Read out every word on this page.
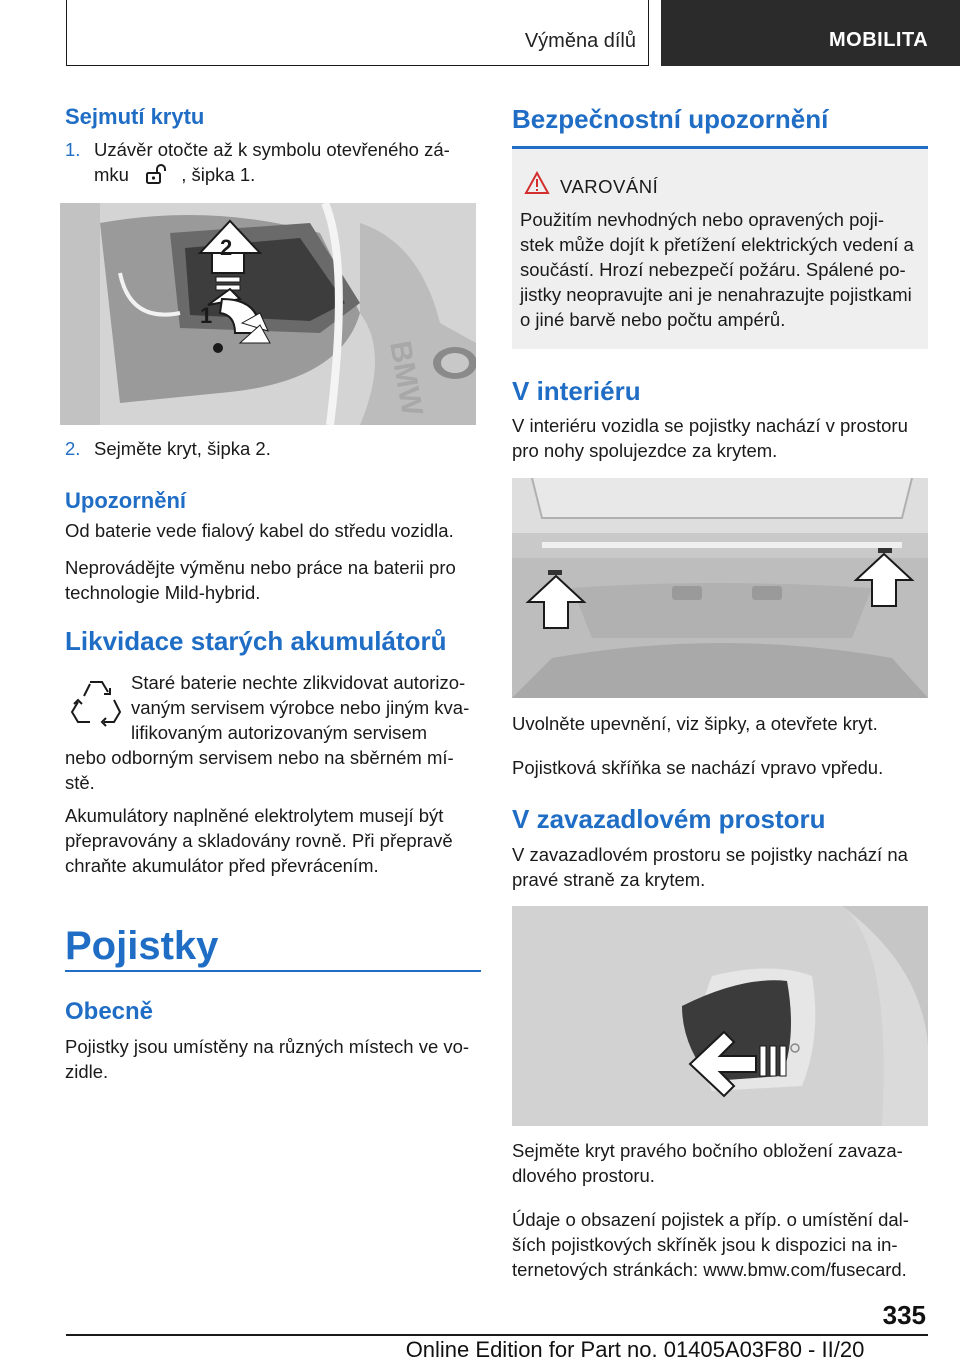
Výměna dílů	MOBILITA
Sejmutí krytu
1. Uzávěr otočte až k symbolu otevřeného zá-
mku	, šipka 1.
2
1
BMW
2. Sejměte kryt, šipka 2.
Upozornění
Od baterie vede fialový kabel do středu vozidla.
Neprovádějte výměnu nebo práce na baterii pro
technologie Mild-hybrid.
Likvidace starých akumulátorů
Staré baterie nechte zlikvidovat autorizo-
vaným servisem výrobce nebo jiným kva-
lifikovaným autorizovaným servisem
nebo odborným servisem nebo na sběrném mí-
stě.
Akumulátory naplněné elektrolytem musejí být
přepravovány a skladovány rovně. Při přepravě
chraňte akumulátor před převrácením.
Pojistky
Obecně
Pojistky jsou umístěny na různých místech ve vo-
zidle.
Bezpečnostní upozornění
VAROVÁNÍ
Použitím nevhodných nebo opravených poji-
stek může dojít k přetížení elektrických vedení a
součástí. Hrozí nebezpečí požáru. Spálené po-
jistky neopravujte ani je nenahrazujte pojistkami
o jiné barvě nebo počtu ampérů.
V interiéru
V interiéru vozidla se pojistky nachází v prostoru
pro nohy spolujezdce za krytem.
Uvolněte upevnění, viz šipky, a otevřete kryt.
Pojistková skříňka se nachází vpravo vpředu.
V zavazadlovém prostoru
V zavazadlovém prostoru se pojistky nachází na
pravé straně za krytem.
Sejměte kryt pravého bočního obložení zavaza-
dlového prostoru.
Údaje o obsazení pojistek a příp. o umístění dal-
ších pojistkových skříněk jsou k dispozici na in-
ternetových stránkách: www.bmw.com/fusecard.
335
Online Edition for Part no. 01405A03F80 - II/20
